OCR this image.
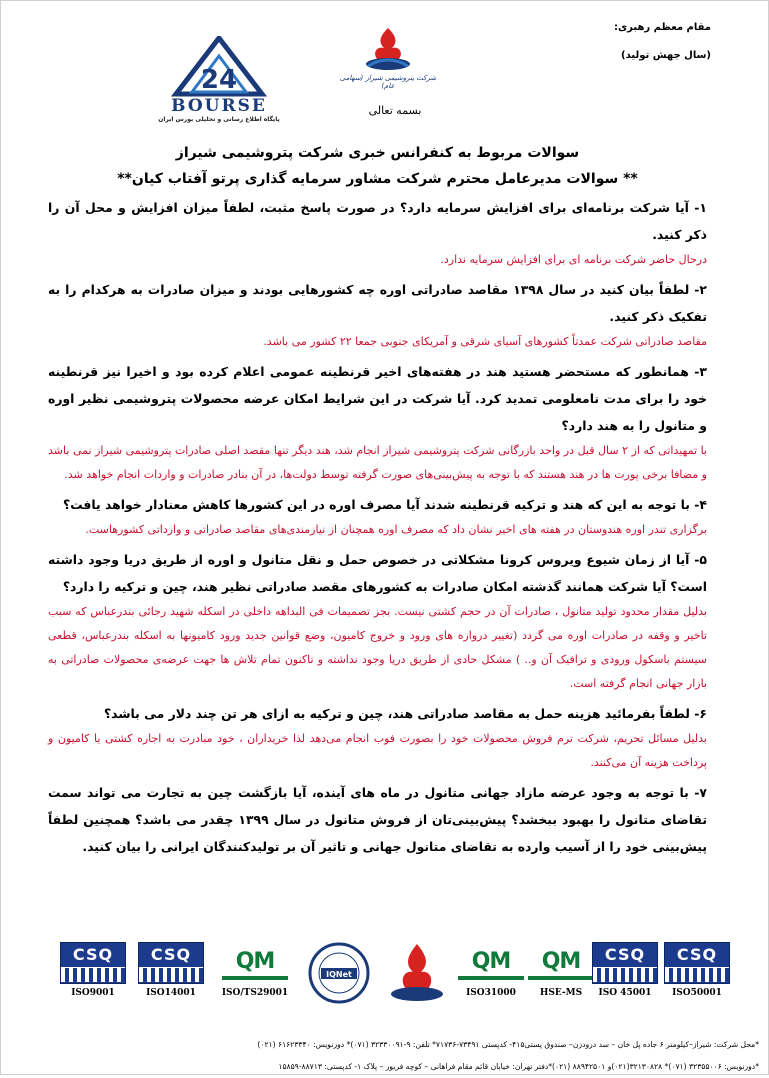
مقام معظم رهبری:
(سال جهش تولید)
24
BOURSE
پایگاه اطلاع رسانی و تحلیلی بورس ایران
شرکت پتروشیمی شیراز (سهامی عام)
بسمه تعالی
سوالات مربوط به کنفرانس خبری شرکت پتروشیمی شیراز
** سوالات مدیرعامل محترم شرکت مشاور سرمایه گذاری پرتو آفتاب کیان**
١- آیا شرکت برنامه‌ای برای افزایش سرمایه دارد؟ در صورت پاسخ مثبت، لطفاً میزان افزایش و محل آن را ذکر کنید.
درحال حاضر شرکت برنامه ای برای افزایش سرمایه ندارد.
٢- لطفاً بیان کنید در سال ١٣٩٨ مقاصد صادراتی اوره چه کشورهایی بودند و میزان صادرات به هرکدام را به تفکیک ذکر کنید.
مقاصد صادراتی شرکت عمدتاً کشورهای آسیای شرقی و آمریکای جنوبی جمعا ٢٢ کشور می باشد.
٣- همانطور که مستحضر هستید هند در هفته‌های اخیر قرنطینه عمومی اعلام کرده بود و اخیرا نیز قرنطینه خود را برای مدت نامعلومی تمدید کرد. آیا شرکت در این شرایط امکان عرضه محصولات پتروشیمی نظیر اوره و متانول را به هند دارد؟
با تمهیداتی که از ٢ سال قبل در واحد بازرگانی شرکت پتروشیمی شیراز انجام شد، هند دیگر تنها مقصد اصلی صادرات پتروشیمی شیراز نمی باشد و مضافا برخی پورت ها در هند هستند که با توجه به پیش‌بینی‌های صورت گرفته توسط دولت‌ها، در آن بنادر صادرات و واردات انجام خواهد شد.
۴- با توجه به این که هند و ترکیه قرنطینه شدند آیا مصرف اوره در این کشورها کاهش معنادار خواهد یافت؟
برگزاری تندر اوره هندوستان در هفته های اخیر نشان داد که مصرف اوره همچنان از نیازمندی‌های مقاصد صادراتی و وارداتی کشورهاست.
۵- آیا از زمان شیوع ویروس کرونا مشکلاتی در خصوص حمل و نقل متانول و اوره از طریق دریا وجود داشته است؟ آیا شرکت همانند گذشته امکان صادرات به کشورهای مقصد صادراتی نظیر هند، چین و ترکیه را دارد؟
بدلیل مقدار محدود تولید متانول ، صادرات آن در حجم کشتی نیست. بجز تصمیمات فی البداهه داخلی در اسکله شهید رجائی بندرعباس که سبب تاخیر و وقفه در صادرات اوره می گردد (تغییر دروازه های ورود و خروج کامیون، وضع قوانین جدید ورود کامیونها به اسکله بندرعباس، قطعی سیستم باسکول ورودی و ترافیک آن و.. ) مشکل حادی از طریق دریا وجود نداشته و تاکنون تمام تلاش ها جهت عرضه‌ی محصولات صادراتی به بازار جهانی انجام گرفته است.
۶- لطفاً بفرمائید هزینه حمل به مقاصد صادراتی هند، چین و ترکیه به ازای هر تن چند دلار می باشد؟
بدلیل مسائل تحریم، شرکت ترم فروش محصولات خود را بصورت فوب انجام می‌دهد لذا خریداران ، خود مبادرت به اجاره کشتی یا کامیون و پرداخت هزینه آن می‌کنند.
٧- با توجه به وجود عرضه مازاد جهانی متانول در ماه های آینده، آیا بازگشت چین به تجارت می تواند سمت تقاضای متانول را بهبود ببخشد؟ پیش‌بینی‌تان از فروش متانول در سال ١٣٩٩ چقدر می باشد؟ همچنین لطفاً پیش‌بینی خود را از آسیب وارده به تقاضای متانول جهانی و تاثیر آن بر تولیدکنندگان ایرانی را بیان کنید.
CSQ
ISO9001
CSQ
ISO14001
QM
ISO/TS29001
IQNet
QM
ISO31000
QM
HSE-MS
CSQ
ISO 45001
CSQ
ISO50001
*محل شرکت: شیراز–کیلومتر ۶ جاده پل خان – سد درودزن– صندوق پستی۴۱۵- کدپستی ۷۳۴۹۱-۷۱۷۳۶* تلفن: ۹-۳۲۳۳۰۰۹۱ (۰۷۱)* دورنویس: ۶۱۶۲۳۳۴۰ (۰۲۱)
*دورنویس: ۳۲۳۵۵۰۰۶ (۰۷۱)* ۳۲۱۳۰۸۲۸(۰۲۱)و ۸۸۹۴۲۵۰۱ (۰۲۱)*دفتر تهران: خیابان قائم مقام فراهانی – کوچه فریور – پلاک ۱- کدپستی: ۸۸۷۱۳-۱۵۸۵۹
